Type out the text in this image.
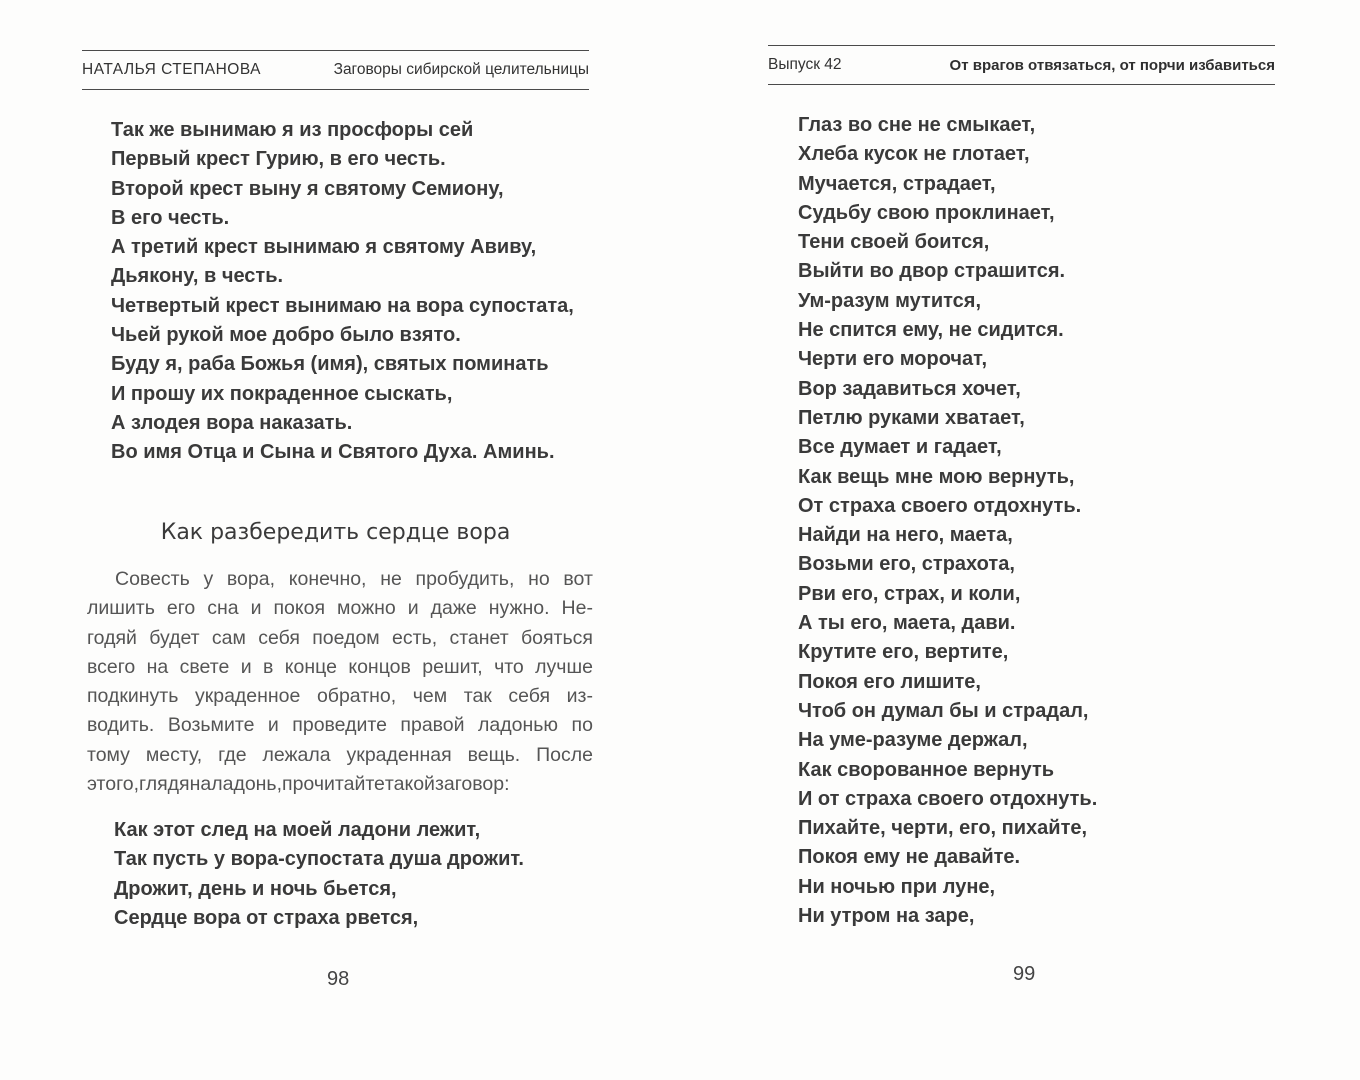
НАТАЛЬЯ СТЕПАНОВА	Заговоры сибирской целительницы
Так же вынимаю я из просфоры сей
Первый крест Гурию, в его честь.
Второй крест выну я святому Семиону,
В его честь.
А третий крест вынимаю я святому Авиву,
Дьякону, в честь.
Четвертый крест вынимаю на вора супостата,
Чьей рукой мое добро было взято.
Буду я, раба Божья (имя), святых поминать
И прошу их покраденное сыскать,
А злодея вора наказать.
Во имя Отца и Сына и Святого Духа. Аминь.
Как разбередить сердце вора
Совесть у вора, конечно, не пробудить, но вот
лишить его сна и покоя можно и даже нужно. Не-
годяй будет сам себя поедом есть, станет бояться
всего на свете и в конце концов решит, что лучше
подкинуть украденное обратно, чем так себя из-
водить. Возьмите и проведите правой ладонью по
тому месту, где лежала украденная вещь. После
этого, глядя на ладонь, прочитайте такой заговор:
Как этот след на моей ладони лежит,
Так пусть у вора-супостата душа дрожит.
Дрожит, день и ночь бьется,
Сердце вора от страха рвется,
98
Выпуск 42	От врагов отвязаться, от порчи избавиться
Глаз во сне не смыкает,
Хлеба кусок не глотает,
Мучается, страдает,
Судьбу свою проклинает,
Тени своей боится,
Выйти во двор страшится.
Ум-разум мутится,
Не спится ему, не сидится.
Черти его морочат,
Вор задавиться хочет,
Петлю руками хватает,
Все думает и гадает,
Как вещь мне мою вернуть,
От страха своего отдохнуть.
Найди на него, маета,
Возьми его, страхота,
Рви его, страх, и коли,
А ты его, маета, дави.
Крутите его, вертите,
Покоя его лишите,
Чтоб он думал бы и страдал,
На уме-разуме держал,
Как сворованное вернуть
И от страха своего отдохнуть.
Пихайте, черти, его, пихайте,
Покоя ему не давайте.
Ни ночью при луне,
Ни утром на заре,
99
